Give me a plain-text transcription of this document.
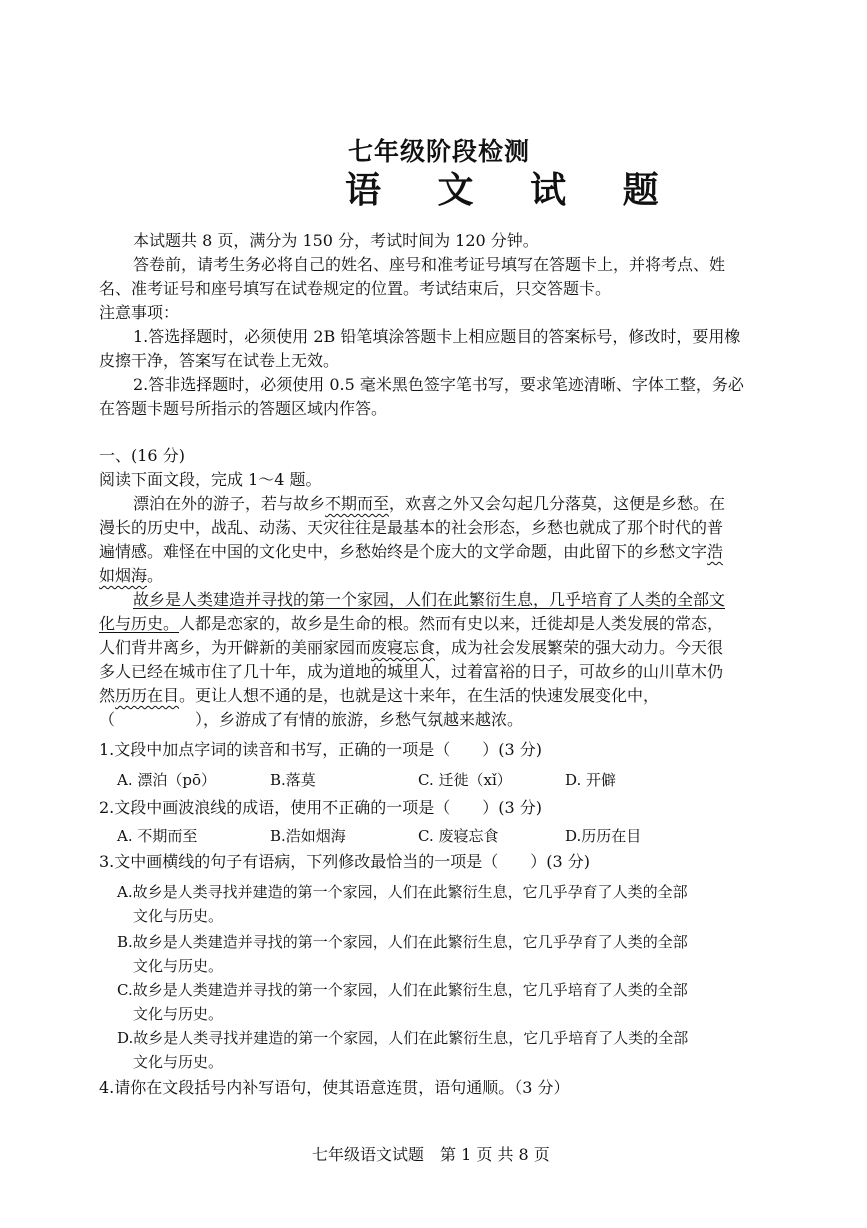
七年级阶段检测
语 文 试 题
本试题共 8 页，满分为 150 分，考试时间为 120 分钟。
答卷前，请考生务必将自己的姓名、座号和准考证号填写在答题卡上，并将考点、姓
名、准考证号和座号填写在试卷规定的位置。考试结束后，只交答题卡。
注意事项：
1.答选择题时，必须使用 2B 铅笔填涂答题卡上相应题目的答案标号，修改时，要用橡
皮擦干净，答案写在试卷上无效。
2.答非选择题时，必须使用 0.5 毫米黑色签字笔书写，要求笔迹清晰、字体工整，务必
在答题卡题号所指示的答题区域内作答。
一、(16 分)
阅读下面文段，完成 1～4 题。
漂泊在外的游子，若与故乡不期而至，欢喜之外又会勾起几分落莫，这便是乡愁。在
漫长的历史中，战乱、动荡、天灾往往是最基本的社会形态，乡愁也就成了那个时代的普
遍情感。难怪在中国的文化史中，乡愁始终是个庞大的文学命题，由此留下的乡愁文字浩
如烟海。
故乡是人类建造并寻找的第一个家园，人们在此繁衍生息，几乎培育了人类的全部文
化与历史。人都是恋家的，故乡是生命的根。然而有史以来，迁徙却是人类发展的常态，
人们背井离乡，为开僻新的美丽家园而废寝忘食，成为社会发展繁荣的强大动力。今天很
多人已经在城市住了几十年，成为道地的城里人，过着富裕的日子，可故乡的山川草木仍
然历历在目。更让人想不通的是，也就是这十来年，在生活的快速发展变化中，
（　　　　　），乡游成了有情的旅游，乡愁气氛越来越浓。
1.文段中加点字词的读音和书写，正确的一项是（　　）(3 分)
A. 漂泊（pō）	B.落莫	C. 迁徙（xǐ）	D. 开僻
2.文段中画波浪线的成语，使用不正确的一项是（　　）(3 分)
A. 不期而至	B.浩如烟海	C. 废寝忘食	D.历历在目
3.文中画横线的句子有语病，下列修改最恰当的一项是（　　）(3 分)
A.故乡是人类寻找并建造的第一个家园，人们在此繁衍生息，它几乎孕育了人类的全部
文化与历史。
B.故乡是人类建造并寻找的第一个家园，人们在此繁衍生息，它几乎孕育了人类的全部
文化与历史。
C.故乡是人类建造并寻找的第一个家园，人们在此繁衍生息，它几乎培育了人类的全部
文化与历史。
D.故乡是人类寻找并建造的第一个家园，人们在此繁衍生息，它几乎培育了人类的全部
文化与历史。
4.请你在文段括号内补写语句，使其语意连贯，语句通顺。（3 分）
七年级语文试题　第 1 页 共 8 页
